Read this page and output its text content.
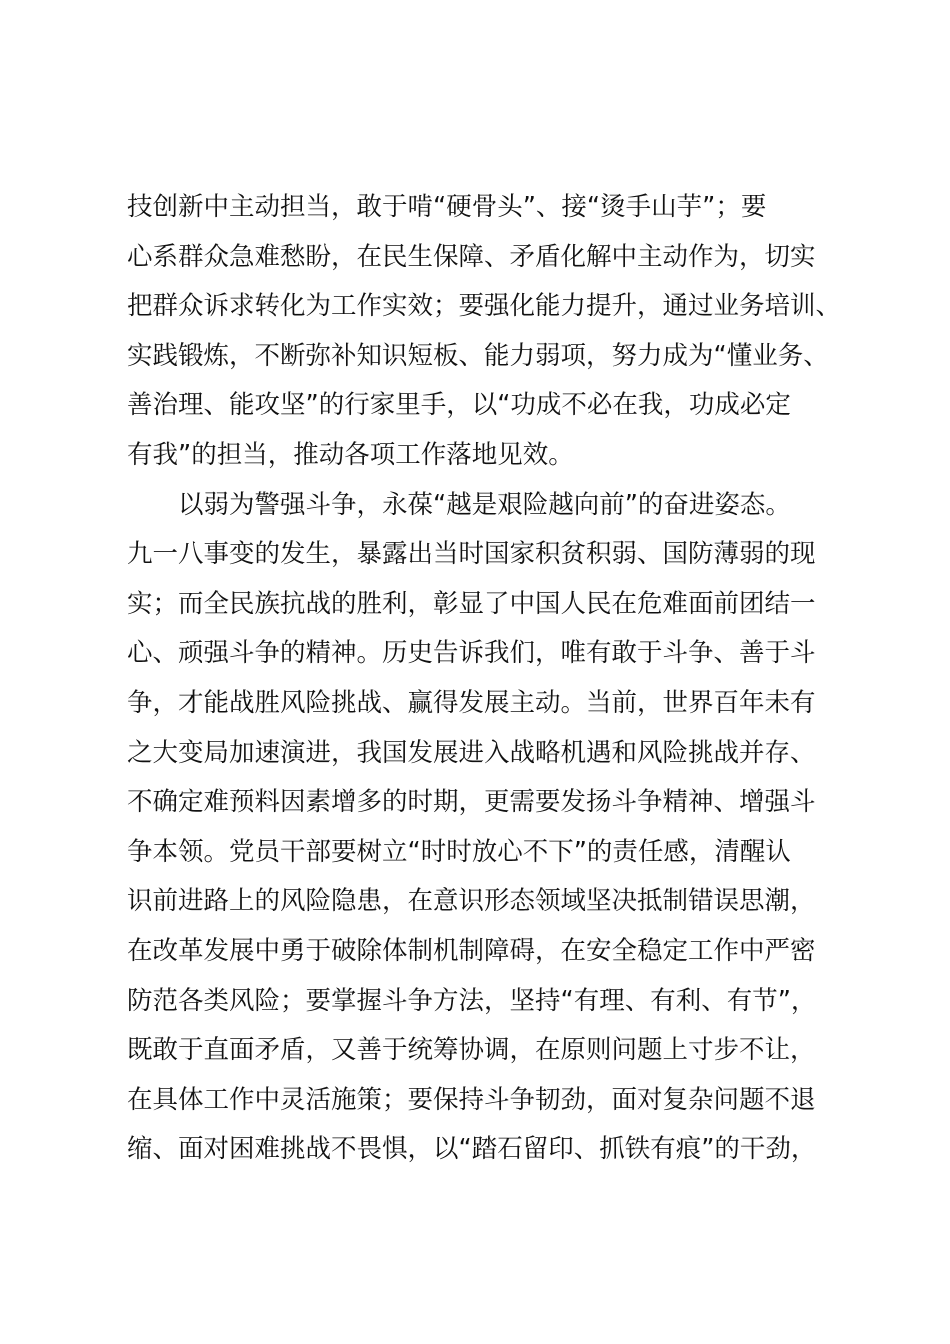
技创新中主动担当，敢于啃“硬骨头”、接“烫手山芋”；要
心系群众急难愁盼，在民生保障、矛盾化解中主动作为，切实
把群众诉求转化为工作实效；要强化能力提升，通过业务培训、
实践锻炼，不断弥补知识短板、能力弱项，努力成为“懂业务、
善治理、能攻坚”的行家里手，以“功成不必在我，功成必定
有我”的担当，推动各项工作落地见效。
以弱为警强斗争，永葆“越是艰险越向前”的奋进姿态。
九一八事变的发生，暴露出当时国家积贫积弱、国防薄弱的现
实；而全民族抗战的胜利，彰显了中国人民在危难面前团结一
心、顽强斗争的精神。历史告诉我们，唯有敢于斗争、善于斗
争，才能战胜风险挑战、赢得发展主动。当前，世界百年未有
之大变局加速演进，我国发展进入战略机遇和风险挑战并存、
不确定难预料因素增多的时期，更需要发扬斗争精神、增强斗
争本领。党员干部要树立“时时放心不下”的责任感，清醒认
识前进路上的风险隐患，在意识形态领域坚决抵制错误思潮，
在改革发展中勇于破除体制机制障碍，在安全稳定工作中严密
防范各类风险；要掌握斗争方法，坚持“有理、有利、有节”，
既敢于直面矛盾，又善于统筹协调，在原则问题上寸步不让，
在具体工作中灵活施策；要保持斗争韧劲，面对复杂问题不退
缩、面对困难挑战不畏惧，以“踏石留印、抓铁有痕”的干劲，
